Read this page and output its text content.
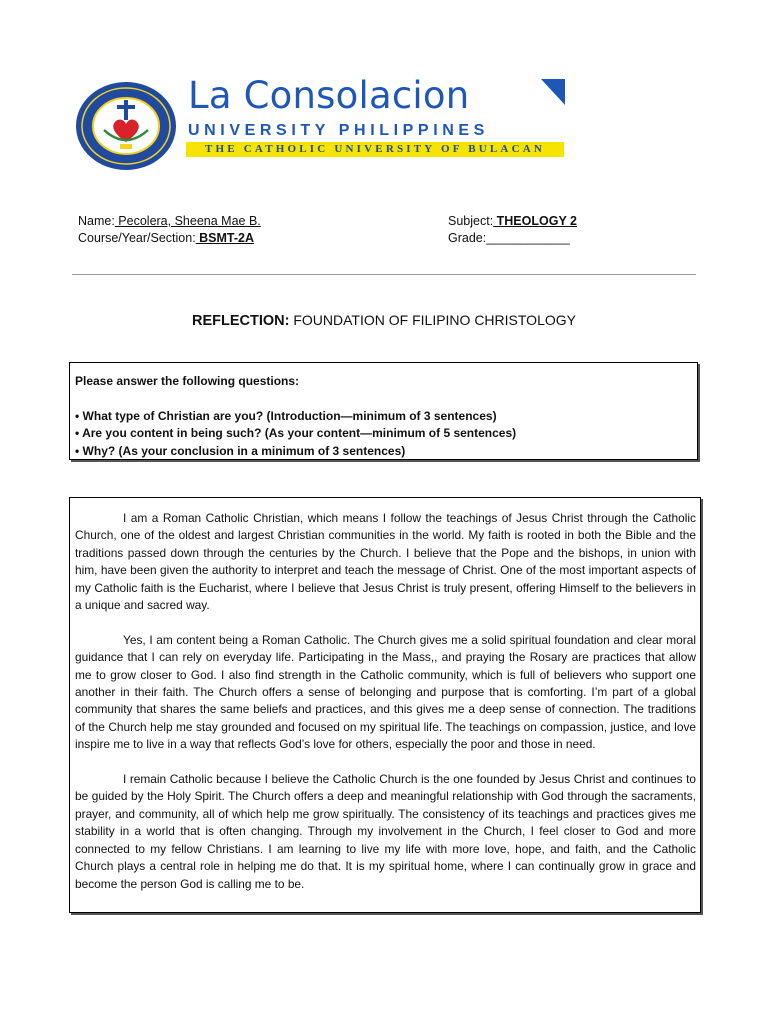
La Consolacion
UNIVERSITY PHILIPPINES
THE CATHOLIC UNIVERSITY OF BULACAN
Name: Pecolera, Sheena Mae B.
Course/Year/Section: BSMT-2A
Subject: THEOLOGY 2
Grade:____________
REFLECTION: FOUNDATION OF FILIPINO CHRISTOLOGY
Please answer the following questions:
• What type of Christian are you? (Introduction—minimum of 3 sentences)
• Are you content in being such? (As your content—minimum of 5 sentences)
• Why? (As your conclusion in a minimum of 3 sentences)

I am a Roman Catholic Christian, which means I follow the teachings of Jesus Christ through the Catholic Church, one of the oldest and largest Christian communities in the world. My faith is rooted in both the Bible and the traditions passed down through the centuries by the Church. I believe that the Pope and the bishops, in union with him, have been given the authority to interpret and teach the message of Christ. One of the most important aspects of my Catholic faith is the Eucharist, where I believe that Jesus Christ is truly present, offering Himself to the believers in a unique and sacred way.

Yes, I am content being a Roman Catholic. The Church gives me a solid spiritual foundation and clear moral guidance that I can rely on everyday life. Participating in the Mass,, and praying the Rosary are practices that allow me to grow closer to God. I also find strength in the Catholic community, which is full of believers who support one another in their faith. The Church offers a sense of belonging and purpose that is comforting. I’m part of a global community that shares the same beliefs and practices, and this gives me a deep sense of connection. The traditions of the Church help me stay grounded and focused on my spiritual life. The teachings on compassion, justice, and love inspire me to live in a way that reflects God’s love for others, especially the poor and those in need.

I remain Catholic because I believe the Catholic Church is the one founded by Jesus Christ and continues to be guided by the Holy Spirit. The Church offers a deep and meaningful relationship with God through the sacraments, prayer, and community, all of which help me grow spiritually. The consistency of its teachings and practices gives me stability in a world that is often changing. Through my involvement in the Church, I feel closer to God and more connected to my fellow Christians. I am learning to live my life with more love, hope, and faith, and the Catholic Church plays a central role in helping me do that. It is my spiritual home, where I can continually grow in grace and become the person God is calling me to be.
